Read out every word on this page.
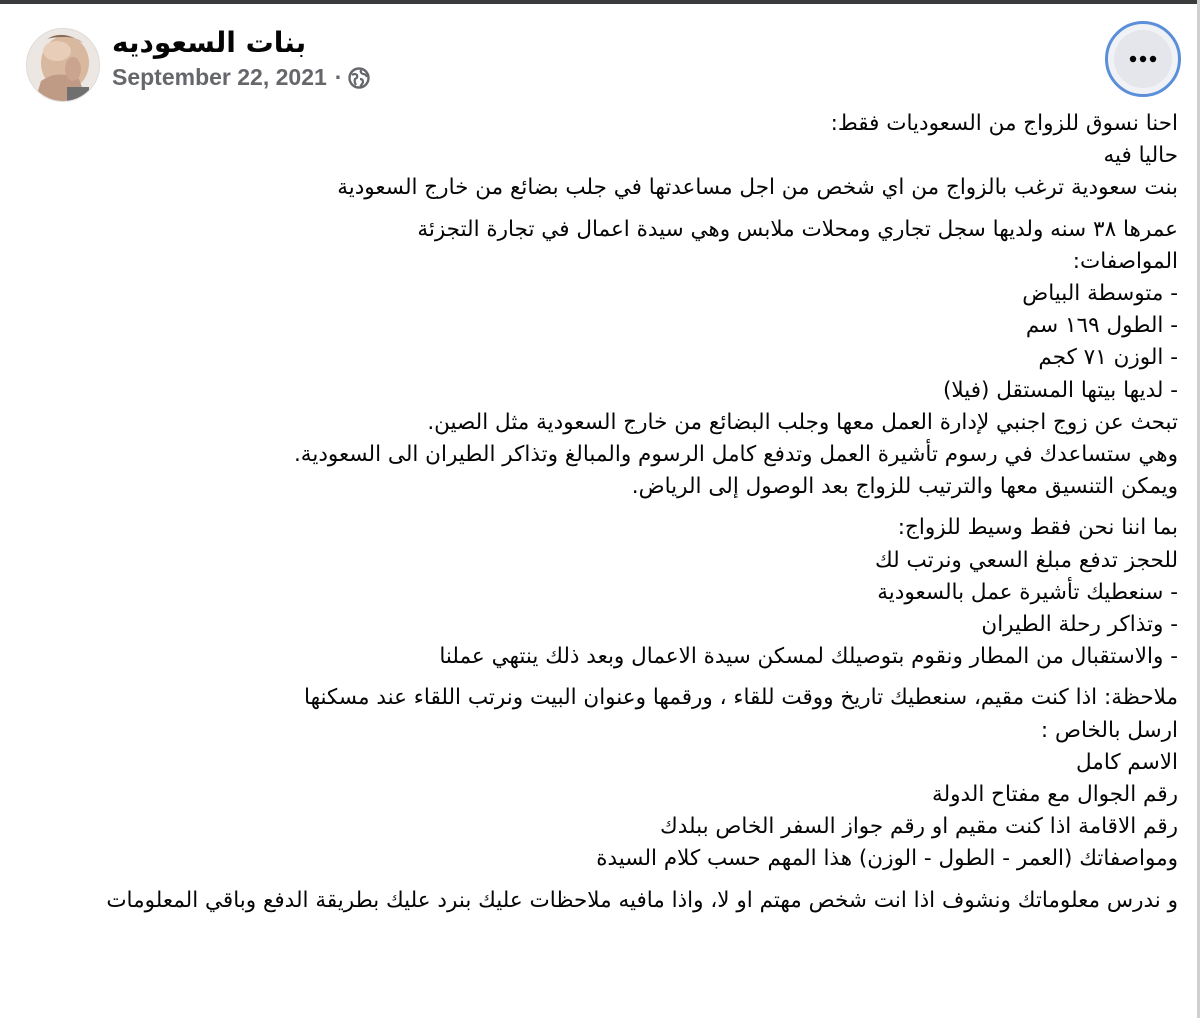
بنات السعوديه
September 22, 2021 ·
احنا نسوق للزواج من السعوديات فقط:
حاليا فيه
بنت سعودية ترغب بالزواج من اي شخص من اجل مساعدتها في جلب بضائع من خارج السعودية
عمرها ٣٨ سنه ولديها سجل تجاري ومحلات ملابس وهي سيدة اعمال في تجارة التجزئة
المواصفات:
- متوسطة البياض
- الطول ١٦٩ سم
- الوزن ٧١ كجم
- لديها بيتها المستقل (فيلا)
تبحث عن زوج اجنبي لإدارة العمل معها وجلب البضائع من خارج السعودية مثل الصين.
وهي ستساعدك في رسوم تأشيرة العمل وتدفع كامل الرسوم والمبالغ وتذاكر الطيران الى السعودية.
ويمكن التنسيق معها والترتيب للزواج بعد الوصول إلى الرياض.
بما اننا نحن فقط وسيط للزواج:
للحجز تدفع مبلغ السعي ونرتب لك
- سنعطيك تأشيرة عمل بالسعودية
- وتذاكر رحلة الطيران
- والاستقبال من المطار ونقوم بتوصيلك لمسكن سيدة الاعمال وبعد ذلك ينتهي عملنا
ملاحظة: اذا كنت مقيم، سنعطيك تاريخ ووقت للقاء ، ورقمها وعنوان البيت ونرتب اللقاء عند مسكنها
ارسل بالخاص :
الاسم كامل
رقم الجوال مع مفتاح الدولة
رقم الاقامة اذا كنت مقيم او رقم جواز السفر الخاص ببلدك
ومواصفاتك (العمر - الطول - الوزن) هذا المهم حسب كلام السيدة
و ندرس معلوماتك ونشوف اذا انت شخص مهتم او لا، واذا مافيه ملاحظات عليك بنرد عليك بطريقة الدفع وباقي المعلومات
